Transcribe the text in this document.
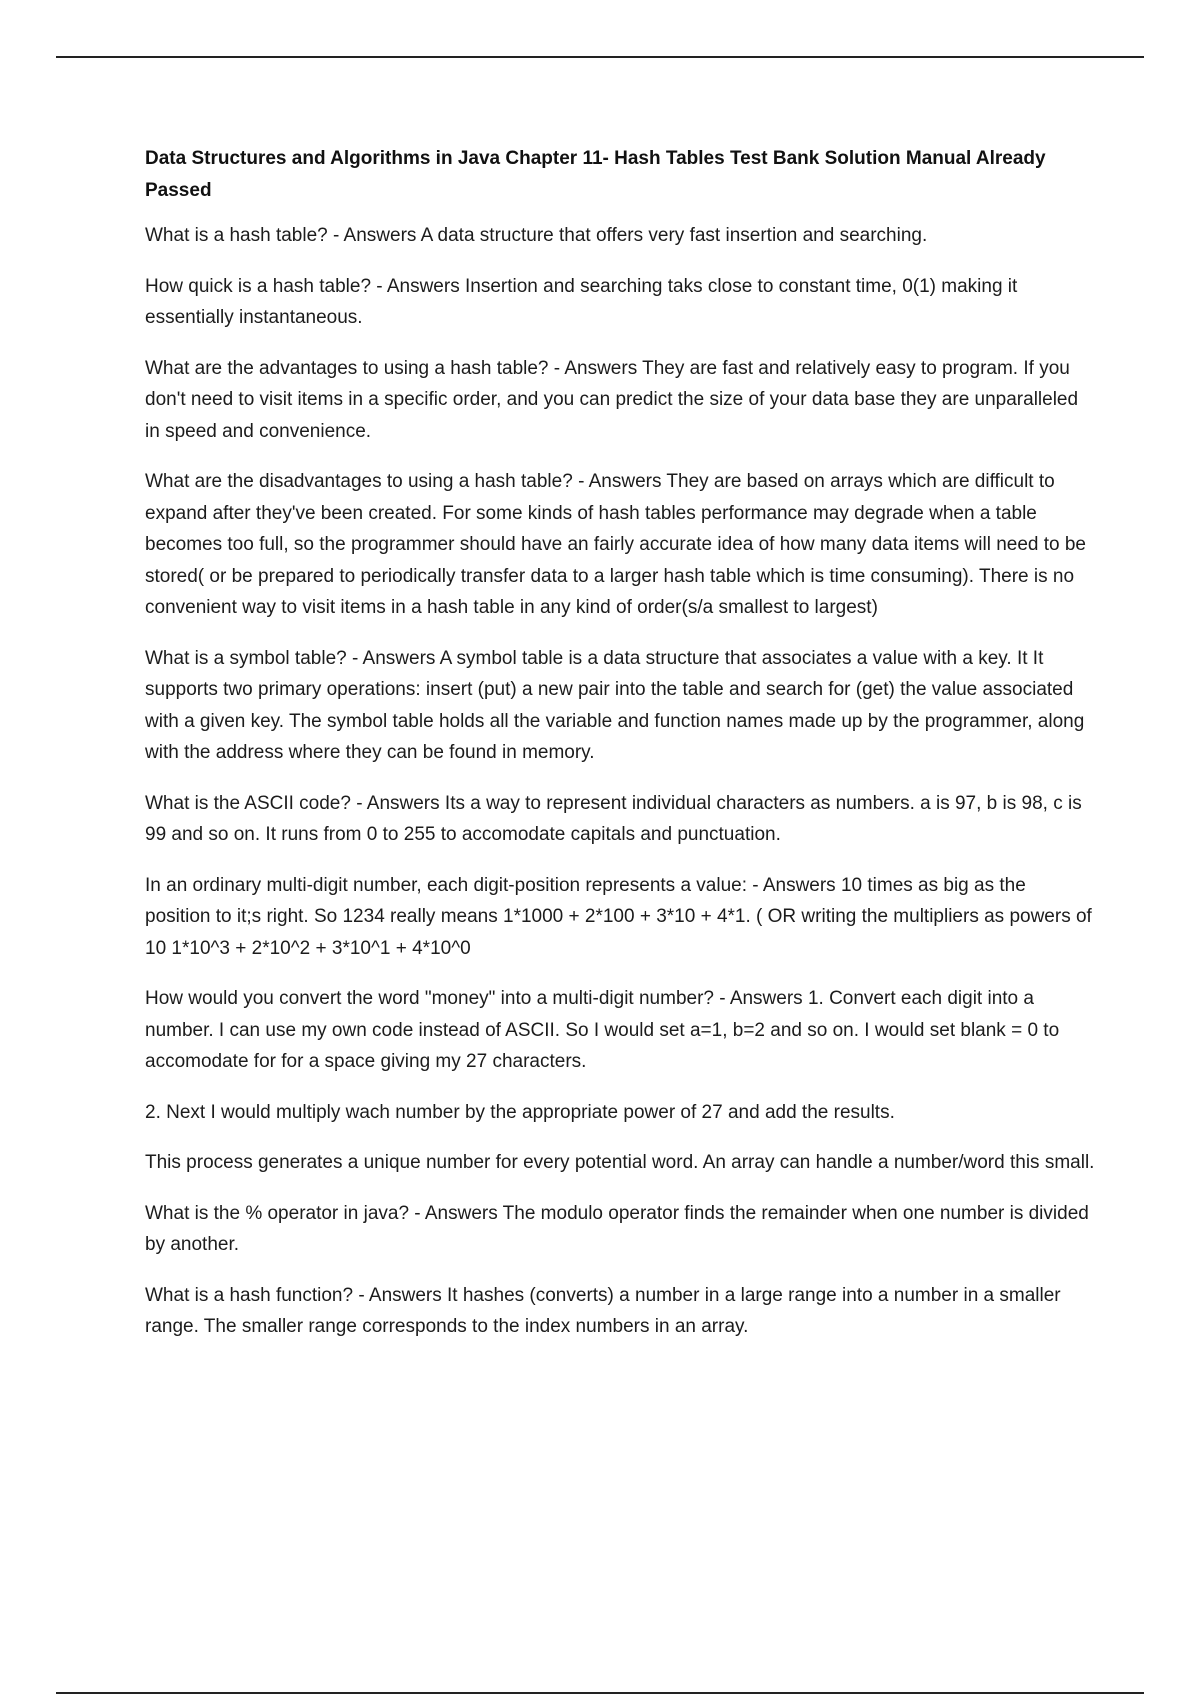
Data Structures and Algorithms in Java Chapter 11- Hash Tables Test Bank Solution Manual Already Passed

What is a hash table? - Answers A data structure that offers very fast insertion and searching.

How quick is a hash table? - Answers Insertion and searching taks close to constant time, 0(1) making it essentially instantaneous.

What are the advantages to using a hash table? - Answers They are fast and relatively easy to program. If you don't need to visit items in a specific order, and you can predict the size of your data base they are unparalleled in speed and convenience.

What are the disadvantages to using a hash table? - Answers They are based on arrays which are difficult to expand after they've been created. For some kinds of hash tables performance may degrade when a table becomes too full, so the programmer should have an fairly accurate idea of how many data items will need to be stored( or be prepared to periodically transfer data to a larger hash table which is time consuming). There is no convenient way to visit items in a hash table in any kind of order(s/a smallest to largest)

What is a symbol table? - Answers A symbol table is a data structure that associates a value with a key. It It supports two primary operations: insert (put) a new pair into the table and search for (get) the value associated with a given key. The symbol table holds all the variable and function names made up by the programmer, along with the address where they can be found in memory.

What is the ASCII code? - Answers Its a way to represent individual characters as numbers. a is 97, b is 98, c is 99 and so on. It runs from 0 to 255 to accomodate capitals and punctuation.

In an ordinary multi-digit number, each digit-position represents a value: - Answers 10 times as big as the position to it;s right. So 1234 really means 1*1000 + 2*100 + 3*10 + 4*1. ( OR writing the multipliers as powers of 10 1*10^3 + 2*10^2 + 3*10^1 + 4*10^0

How would you convert the word "money" into a multi-digit number? - Answers 1. Convert each digit into a number. I can use my own code instead of ASCII. So I would set a=1, b=2 and so on. I would set blank = 0 to accomodate for for a space giving my 27 characters.

2. Next I would multiply wach number by the appropriate power of 27 and add the results.

This process generates a unique number for every potential word. An array can handle a number/word this small.

What is the % operator in java? - Answers The modulo operator finds the remainder when one number is divided by another.

What is a hash function? - Answers It hashes (converts) a number in a large range into a number in a smaller range. The smaller range corresponds to the index numbers in an array.
